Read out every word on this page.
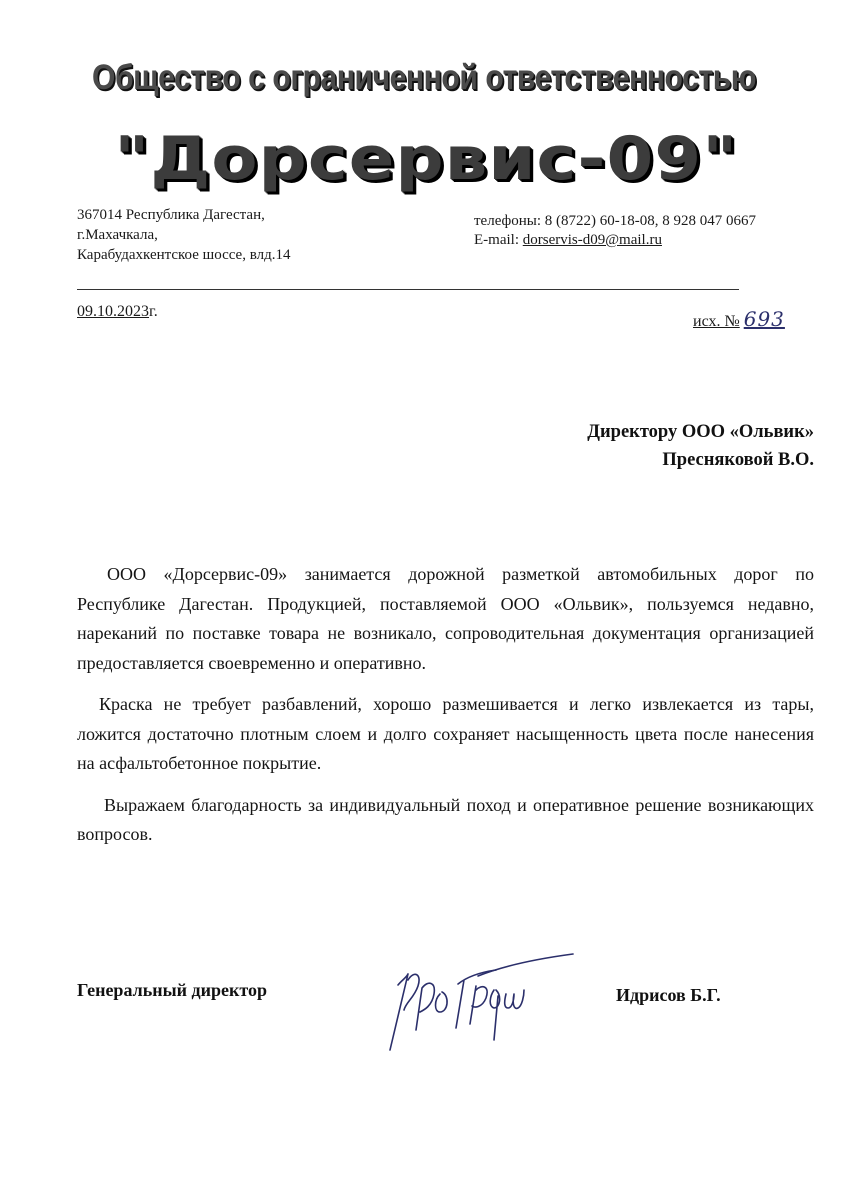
Общество с ограниченной ответственностью
"Дорсервис-09"
367014 Республика Дагестан,
г.Махачкала,
Карабудахкентское шоссе, влд.14
телефоны: 8 (8722) 60-18-08, 8 928 047 0667
E-mail: dorservis-d09@mail.ru
09.10.2023г.
исх. № 693
Директору ООО «Ольвик»
Пресняковой В.О.

ООО «Дорсервис-09» занимается дорожной разметкой автомобильных дорог по Республике Дагестан. Продукцией, поставляемой ООО «Ольвик», пользуемся недавно, нареканий по поставке товара не возникало, сопроводительная документация организацией предоставляется своевременно и оперативно.

Краска не требует разбавлений, хорошо размешивается и легко извлекается из тары, ложится достаточно плотным слоем и долго сохраняет насыщенность цвета после нанесения на асфальтобетонное покрытие.

Выражаем благодарность за индивидуальный поход и оперативное решение возникающих вопросов.

Генеральный директор	Идрисов Б.Г.
